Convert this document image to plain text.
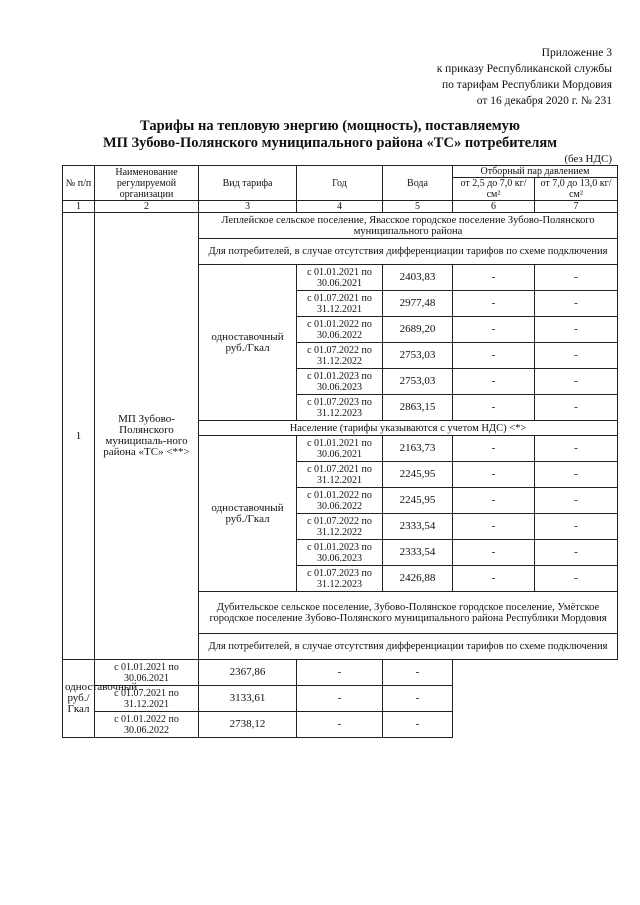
Приложение 3
к приказу Республиканской службы
по тарифам Республики Мордовия
от 16 декабря 2020 г. № 231
Тарифы на тепловую энергию (мощность), поставляемую
МП Зубово-Полянского муниципального района «ТС» потребителям
(без НДС)
№ п/п	Наименование регулируемой организации	Вид тарифа	Год	Вода	Отборный пар давлением	
					от 2,5 до 7,0 кг/см²	от 7,0 до 13,0 кг/см²
1	2	3	4	5	6	7
1	МП Зубово-Полянского муниципаль-ного района «ТС» <**>	Леплейское сельское поселение, Явасское городское поселение Зубово-Полянского муниципального района				
		Для потребителей, в случае отсутствия дифференциации тарифов по схеме подключения				
		одноставочный руб./Гкал	с 01.01.2021 по 30.06.2021	2403,83	-	-
			с 01.07.2021 по 31.12.2021	2977,48	-	-
			с 01.01.2022 по 30.06.2022	2689,20	-	-
			с 01.07.2022 по 31.12.2022	2753,03	-	-
			с 01.01.2023 по 30.06.2023	2753,03	-	-
			с 01.07.2023 по 31.12.2023	2863,15	-	-
		Население (тарифы указываются с учетом НДС) <*>				
		одноставочный руб./Гкал	с 01.01.2021 по 30.06.2021	2163,73	-	-
			с 01.07.2021 по 31.12.2021	2245,95	-	-
			с 01.01.2022 по 30.06.2022	2245,95	-	-
			с 01.07.2022 по 31.12.2022	2333,54	-	-
			с 01.01.2023 по 30.06.2023	2333,54	-	-
			с 01.07.2023 по 31.12.2023	2426,88	-	-
		Дубительское сельское поселение, Зубово-Полянское городское поселение, Умётское городское поселение Зубово-Полянского муниципального района Республики Мордовия				
		Для потребителей, в случае отсутствия дифференциации тарифов по схеме подключения				
одноставочный руб./Гкал	с 01.01.2021 по 30.06.2021	2367,86	-	-		
	с 01.07.2021 по 31.12.2021	3133,61	-	-		
	с 01.01.2022 по 30.06.2022	2738,12	-	-		
